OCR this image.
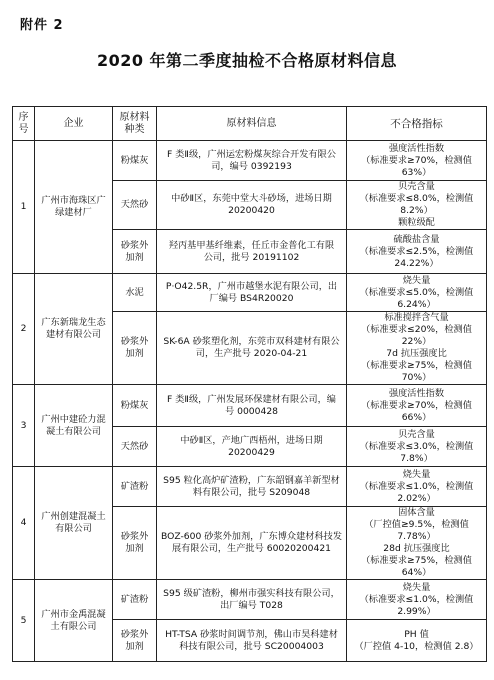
附件 2
2020 年第二季度抽检不合格原材料信息
序
号	企业	原材料
种类	原材料信息	不合格指标
1	广州市海珠区广
绿建材厂	粉煤灰	F 类Ⅱ级，广州运宏粉煤灰综合开发有限公
司，编号 0392193	强度活性指数
（标准要求≥70%，检测值 63%）

		天然砂	中砂Ⅱ区，东莞中堂大斗砂场，进场日期
20200420	贝壳含量
（标准要求≤8.0%，检测值 8.2%）
颗粒级配

		砂浆外
加剂	羟丙基甲基纤维素，任丘市金普化工有限
公司，批号 20191102	硫酸盐含量
（标准要求≤2.5%，检测值
24.22%）

2	广东新瑞龙生态
建材有限公司	水泥	P·O42.5R，广州市越堡水泥有限公司，出
厂编号 BS4R20020	烧失量
（标准要求≤5.0%，检测值 6.24%）

		砂浆外
加剂	SK-6A 砂浆塑化剂，东莞市双科建材有限公
司，生产批号 2020-04-21	标准搅拌含气量
（标准要求≤20%，检测值 22%）
7d 抗压强度比
（标准要求≥75%，检测值 70%）

3	广州中建砼力混
凝土有限公司	粉煤灰	F 类Ⅱ级，广州发展环保建材有限公司，编
号 0000428	强度活性指数
（标准要求≥70%，检测值 66%）

		天然砂	中砂Ⅱ区，产地广西梧州，进场日期
20200429	贝壳含量
（标准要求≤3.0%，检测值 7.8%）

4	广州创建混凝土
有限公司	矿渣粉	S95 粒化高炉矿渣粉，广东韶钢嘉羊新型材
料有限公司，批号 S209048	烧失量
（标准要求≤1.0%，检测值 2.02%）

		砂浆外
加剂	BOZ-600 砂浆外加剂，广东博众建材科技发
展有限公司，生产批号 60020200421	固体含量
（厂控值≥9.5%，检测值 7.78%）
28d 抗压强度比
（标准要求≥75%，检测值 64%）

5	广州市金禹混凝
土有限公司	矿渣粉	S95 级矿渣粉，柳州市强实科技有限公司，
出厂编号 T028	烧失量
（标准要求≤1.0%，检测值 2.99%）

		砂浆外
加剂	HT-TSA 砂浆时间调节剂，佛山市昊科建材
科技有限公司，批号 SC20004003	PH 值
（厂控值 4-10，检测值 2.8）
